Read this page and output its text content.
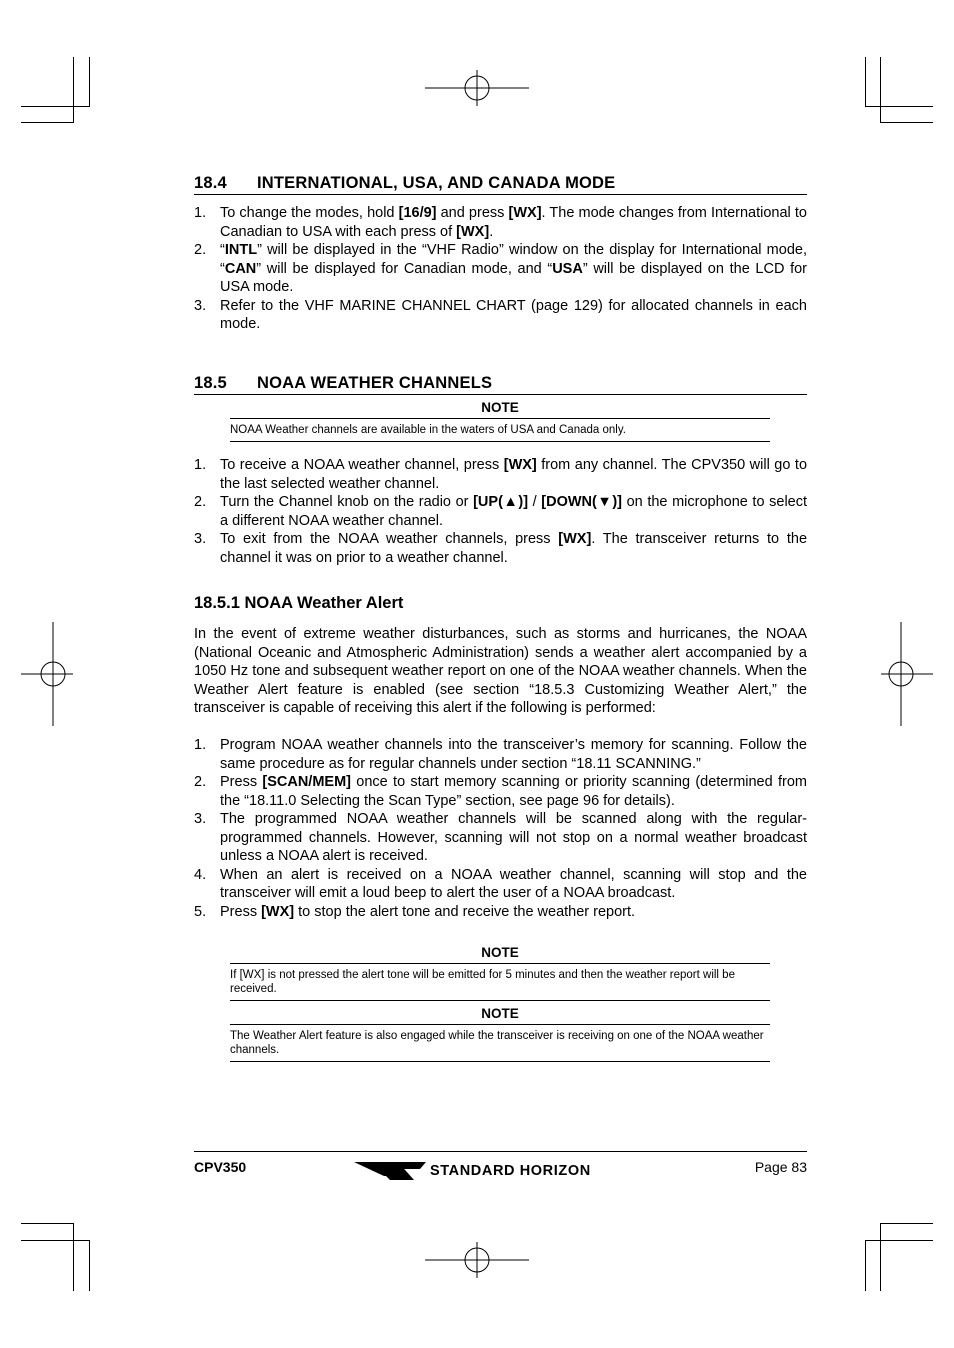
18.4 INTERNATIONAL, USA, AND CANADA MODE
1. To change the modes, hold [16/9] and press [WX]. The mode changes from International to Canadian to USA with each press of [WX].
2. “INTL” will be displayed in the “VHF Radio” window on the display for International mode, “CAN” will be displayed for Canadian mode, and “USA” will be displayed on the LCD for USA mode.
3. Refer to the VHF MARINE CHANNEL CHART (page 129) for allocated channels in each mode.
18.5 NOAA WEATHER CHANNELS
NOTE
NOAA Weather channels are available in the waters of USA and Canada only.
1. To receive a NOAA weather channel, press [WX] from any channel. The CPV350 will go to the last selected weather channel.
2. Turn the Channel knob on the radio or [UP(▲)] / [DOWN(▼)] on the microphone to select a different NOAA weather channel.
3. To exit from the NOAA weather channels, press [WX]. The transceiver returns to the channel it was on prior to a weather channel.
18.5.1 NOAA Weather Alert
In the event of extreme weather disturbances, such as storms and hurricanes, the NOAA (National Oceanic and Atmospheric Administration) sends a weather alert accompanied by a 1050 Hz tone and subsequent weather report on one of the NOAA weather channels. When the Weather Alert feature is enabled (see section “18.5.3 Customizing Weather Alert,” the transceiver is capable of receiving this alert if the following is performed:
1. Program NOAA weather channels into the transceiver’s memory for scanning. Follow the same procedure as for regular channels under section “18.11 SCANNING.”
2. Press [SCAN/MEM] once to start memory scanning or priority scanning (determined from the “18.11.0 Selecting the Scan Type” section, see page 96 for details).
3. The programmed NOAA weather channels will be scanned along with the regular-programmed channels. However, scanning will not stop on a normal weather broadcast unless a NOAA alert is received.
4. When an alert is received on a NOAA weather channel, scanning will stop and the transceiver will emit a loud beep to alert the user of a NOAA broadcast.
5. Press [WX] to stop the alert tone and receive the weather report.
NOTE
If [WX] is not pressed the alert tone will be emitted for 5 minutes and then the weather report will be received.
NOTE
The Weather Alert feature is also engaged while the transceiver is receiving on one of the NOAA weather channels.
CPV350	STANDARD HORIZON	Page 83
